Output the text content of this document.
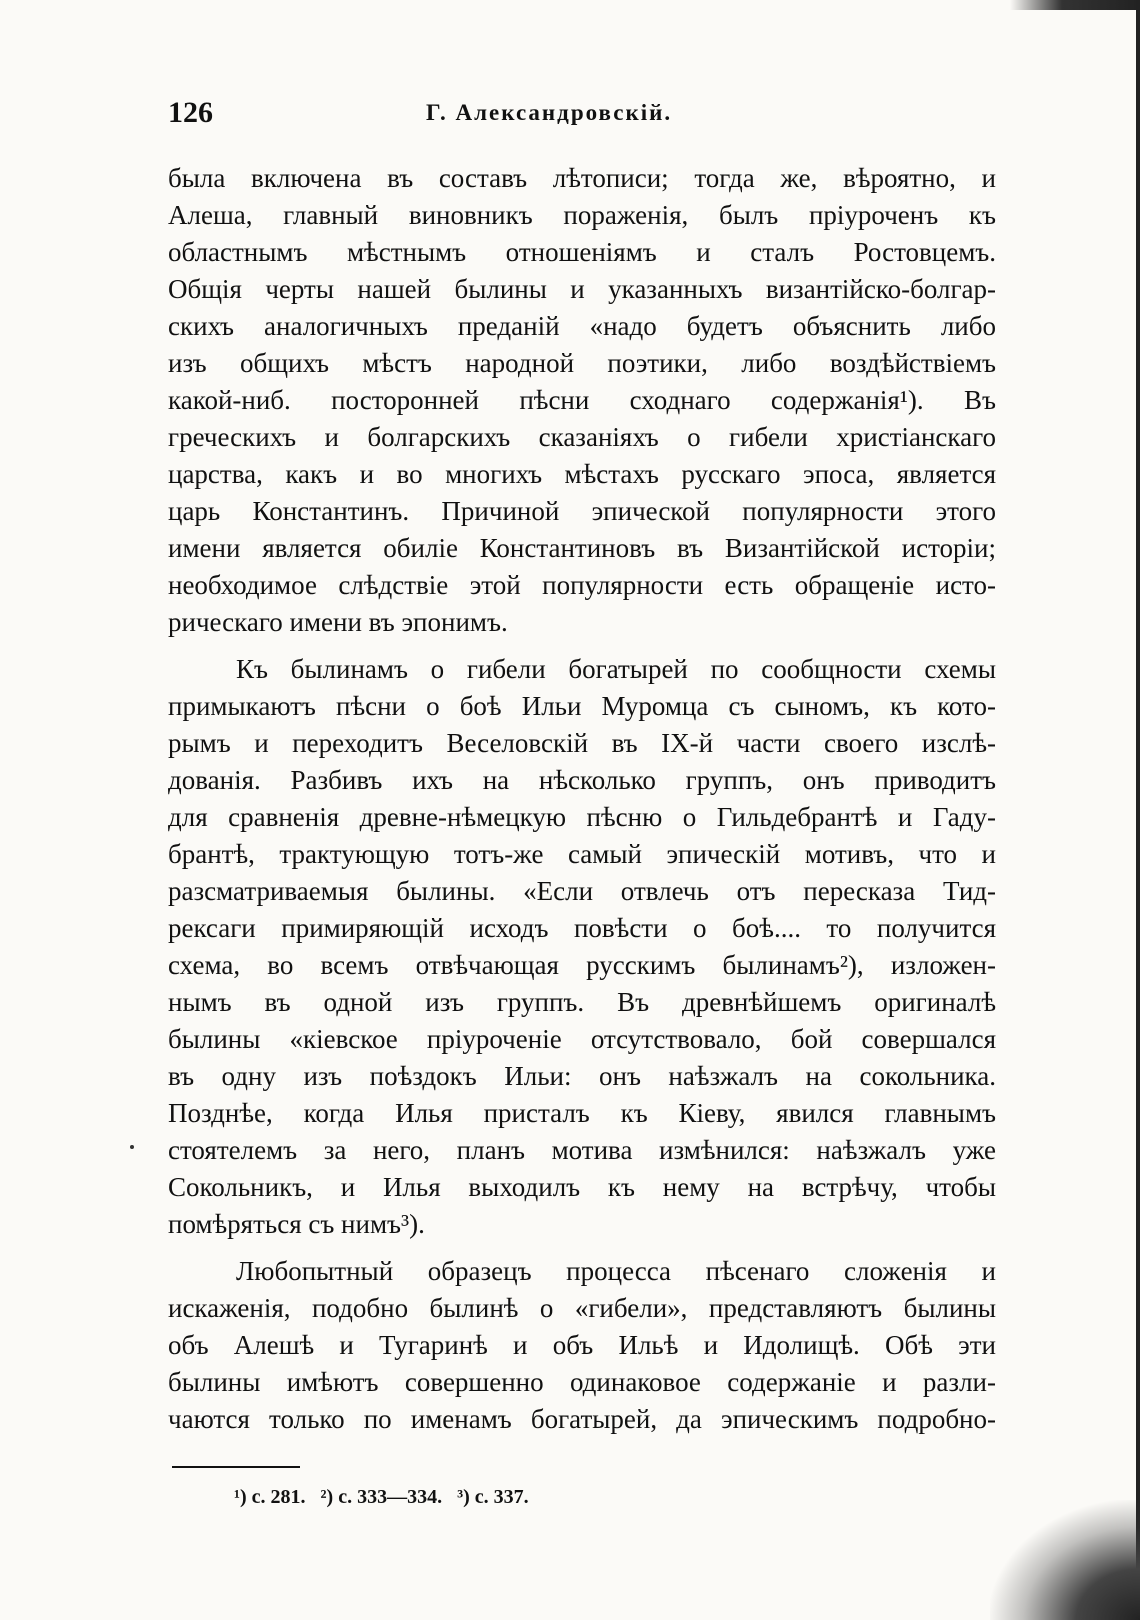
126	Г. Александровскій.
была включена въ составъ лѣтописи; тогда же, вѣроятно, и
Алеша, главный виновникъ пораженія, былъ пріуроченъ къ
областнымъ мѣстнымъ отношеніямъ и сталъ Ростовцемъ.
Общія черты нашей былины и указанныхъ византійско-болгар-
скихъ аналогичныхъ преданій «надо будетъ объяснить либо
изъ общихъ мѣстъ народной поэтики, либо воздѣйствіемъ
какой-ниб. посторонней пѣсни сходнаго содержанія¹). Въ
греческихъ и болгарскихъ сказаніяхъ о гибели христіанскаго
царства, какъ и во многихъ мѣстахъ русскаго эпоса, является
царь Константинъ. Причиной эпической популярности этого
имени является обиліе Константиновъ въ Византійской исторіи;
необходимое слѣдствіе этой популярности есть обращеніе исто-
рическаго имени въ эпонимъ.
Къ былинамъ о гибели богатырей по сообщности схемы
примыкаютъ пѣсни о боѣ Ильи Муромца съ сыномъ, къ кото-
рымъ и переходитъ Веселовскій въ IX-й части своего изслѣ-
дованія. Разбивъ ихъ на нѣсколько группъ, онъ приводитъ
для сравненія древне-нѣмецкую пѣсню о Гильдебрантѣ и Гаду-
брантѣ, трактующую тотъ-же самый эпическій мотивъ, что и
разсматриваемыя былины. «Если отвлечь отъ пересказа Тид-
рексаги примиряющій исходъ повѣсти о боѣ.... то получится
схема, во всемъ отвѣчающая русскимъ былинамъ²), изложен-
нымъ въ одной изъ группъ. Въ древнѣйшемъ оригиналѣ
былины «кіевское пріуроченіе отсутствовало, бой совершался
въ одну изъ поѣздокъ Ильи: онъ наѣзжалъ на сокольника.
Позднѣе, когда Илья присталъ къ Кіеву, явился главнымъ
стоятелемъ за него, планъ мотива измѣнился: наѣзжалъ уже
Сокольникъ, и Илья выходилъ къ нему на встрѣчу, чтобы
помѣряться съ нимъ³).
Любопытный образецъ процесса пѣсенаго сложенія и
искаженія, подобно былинѣ о «гибели», представляютъ былины
объ Алешѣ и Тугаринѣ и объ Ильѣ и Идолищѣ. Обѣ эти
былины имѣютъ совершенно одинаковое содержаніе и разли-
чаются только по именамъ богатырей, да эпическимъ подробно-
¹) с. 281. ²) с. 333—334. ³) с. 337.
